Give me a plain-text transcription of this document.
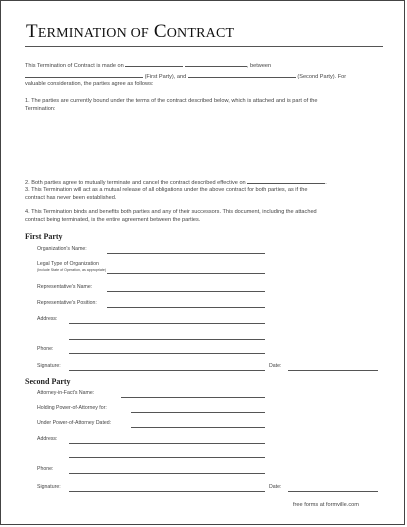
TERMINATION OF CONTRACT
This Termination of Contract is made on	, between
(First Party), and	(Second Party). For
valuable consideration, the parties agree as follows:
1. The parties are currently bound under the terms of the contract described below, which is attached and is part of the
Termination:
2. Both parties agree to mutually terminate and cancel the contract described effective on	.
3. This Termination will act as a mutual release of all obligations under the above contract for both parties, as if the
contract has never been established.
4. This Termination binds and benefits both parties and any of their successors. This document, including the attached
contract being terminated, is the entire agreement between the parties.
First Party
Organization's Name:
Legal Type of Organization
(Include State of Operation, as appropriate)
Representative's Name:
Representative's Position:
Address:
Phone:
Signature:	Date:
Second Party
Attorney-in-Fact's Name:
Holding Power-of-Attorney for:
Under Power-of-Attorney Dated:
Address:
Phone:
Signature:	Date:
free forms at formville.com
